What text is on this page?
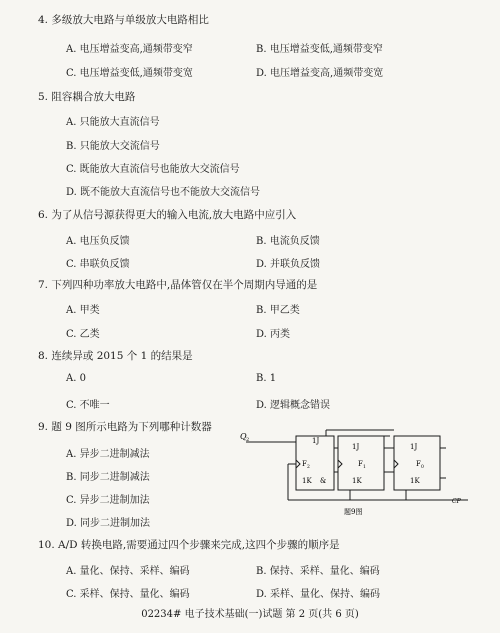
4. 多级放大电路与单级放大电路相比
A. 电压增益变高,通频带变窄	B. 电压增益变低,通频带变窄
C. 电压增益变低,通频带变宽	D. 电压增益变高,通频带变宽
5. 阻容耦合放大电路
A. 只能放大直流信号
B. 只能放大交流信号
C. 既能放大直流信号也能放大交流信号
D. 既不能放大直流信号也不能放大交流信号
6. 为了从信号源获得更大的输入电流,放大电路中应引入
A. 电压负反馈	B. 电流负反馈
C. 串联负反馈	D. 并联负反馈
7. 下列四种功率放大电路中,晶体管仅在半个周期内导通的是
A. 甲类	B. 甲乙类
C. 乙类	D. 丙类
8. 连续异或 2015 个 1 的结果是
A. 0	B. 1
C. 不唯一	D. 逻辑概念错误
9. 题 9 图所示电路为下列哪种计数器
A. 异步二进制减法
B. 同步二进制减法
C. 异步二进制加法
D. 同步二进制加法
Q 2	1J
F 2
1K &
1J
F 1
1K
1J
F 0
1K
CP
题9图
10. A/D 转换电路,需要通过四个步骤来完成,这四个步骤的顺序是
A. 量化、保持、采样、编码	B. 保持、采样、量化、编码
C. 采样、保持、量化、编码	D. 采样、量化、保持、编码
02234# 电子技术基础(一)试题 第 2 页(共 6 页)
